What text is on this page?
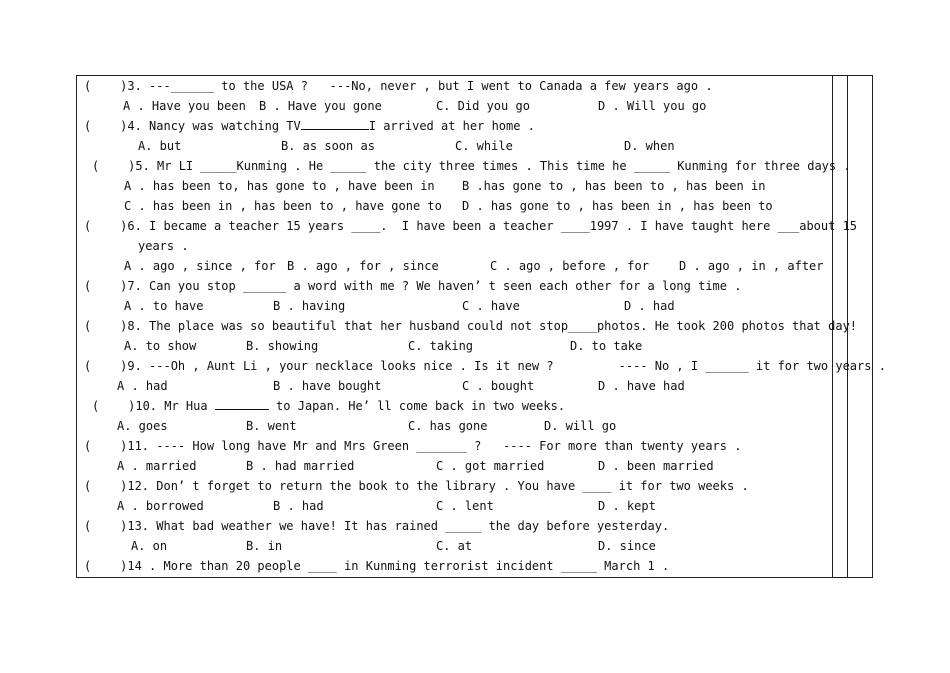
(    )3. ---______ to the USA ?   ---No, never , but I went to Canada a few years ago .
A . Have you been B . Have you gone	C. Did you go	D . Will you go
(    )4. Nancy was watching TV	I arrived at her home .
A. but	B. as soon as	C. while	D. when
(    )5. Mr LI _____Kunming . He _____ the city three times . This time he _____ Kunming for three days .
A . has been to, has gone to , have been in B .has gone to , has been to , has been in
C . has been in , has been to , have gone to D . has gone to , has been in , has been to
(    )6. I became a teacher 15 years ____.  I have been a teacher ____1997 . I have taught here ___about 15
years .
A . ago , since , for B . ago , for , since	C . ago , before , for	D . ago , in , after
(    )7. Can you stop ______ a word with me ? We haven’ t seen each other for a long time .
A . to have	B . having	C . have	D . had
(    )8. The place was so beautiful that her husband could not stop____photos. He took 200 photos that day!
A. to show	B. showing	C. taking	D. to take
(    )9. ---Oh , Aunt Li , your necklace looks nice . Is it new ?         ---- No , I ______ it for two years .
A . had	B . have bought	C . bought	D . have had
(    )10. Mr Hua	to Japan. He’ ll come back in two weeks.
A. goes	B. went	C. has gone	D. will go
(    )11. ---- How long have Mr and Mrs Green _______ ?   ---- For more than twenty years .
A . married	B . had married	C . got married	D . been married
(    )12. Don’ t forget to return the book to the library . You have ____ it for two weeks .
A . borrowed	B . had	C . lent	D . kept
(    )13. What bad weather we have! It has rained _____ the day before yesterday.
A. on	B. in	C. at	D. since
(    )14 . More than 20 people ____ in Kunming terrorist incident _____ March 1 .
